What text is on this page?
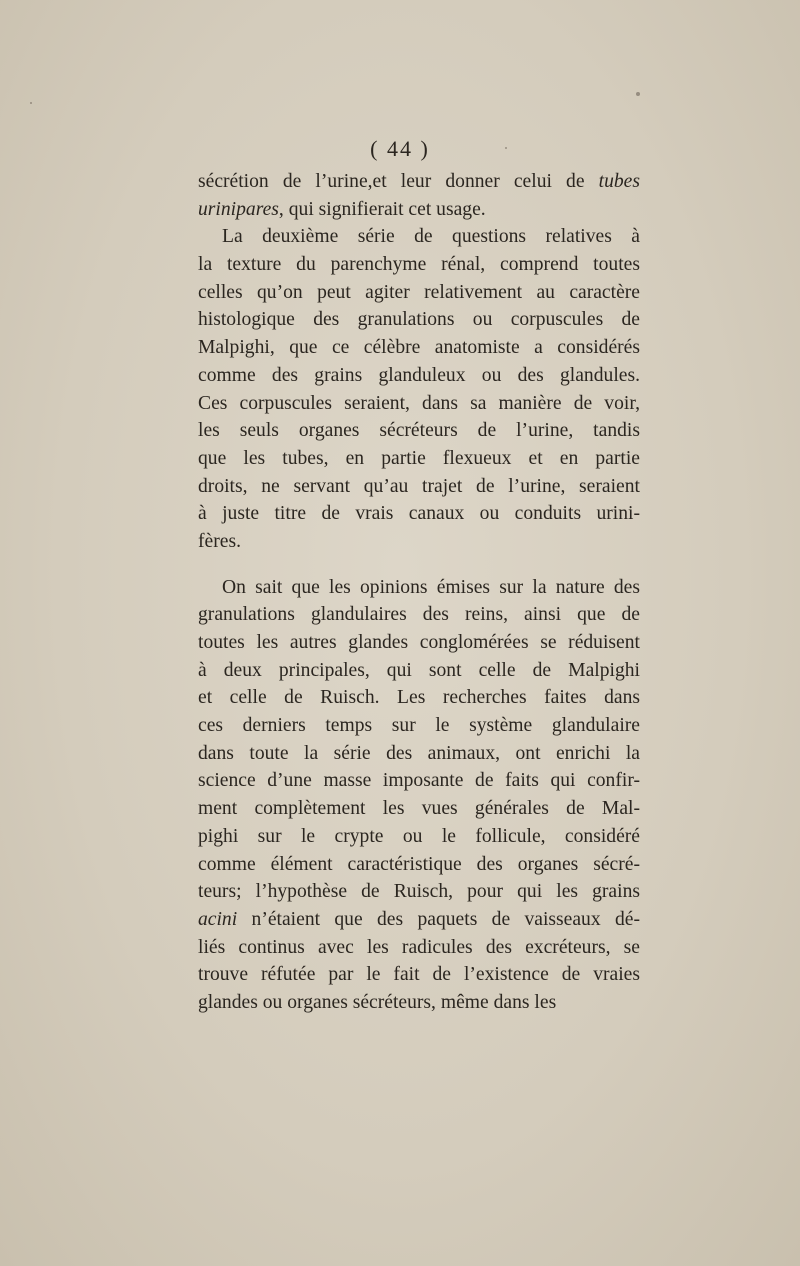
( 44 )
sécrétion de l’urine,et leur donner celui de tubes
urinipares, qui signifierait cet usage.
La deuxième série de questions relatives à
la texture du parenchyme rénal, comprend toutes
celles qu’on peut agiter relativement au caractère
histologique des granulations ou corpuscules de
Malpighi, que ce célèbre anatomiste a considérés
comme des grains glanduleux ou des glandules.
Ces corpuscules seraient, dans sa manière de voir,
les seuls organes sécréteurs de l’urine, tandis
que les tubes, en partie flexueux et en partie
droits, ne servant qu’au trajet de l’urine, seraient
à juste titre de vrais canaux ou conduits urini-
fères.
On sait que les opinions émises sur la nature des
granulations glandulaires des reins, ainsi que de
toutes les autres glandes conglomérées se réduisent
à deux principales, qui sont celle de Malpighi
et celle de Ruisch. Les recherches faites dans
ces derniers temps sur le système glandulaire
dans toute la série des animaux, ont enrichi la
science d’une masse imposante de faits qui confir-
ment complètement les vues générales de Mal-
pighi sur le crypte ou le follicule, considéré
comme élément caractéristique des organes sécré-
teurs; l’hypothèse de Ruisch, pour qui les grains
acini n’étaient que des paquets de vaisseaux dé-
liés continus avec les radicules des excréteurs, se
trouve réfutée par le fait de l’existence de vraies
glandes ou organes sécréteurs, même dans les
